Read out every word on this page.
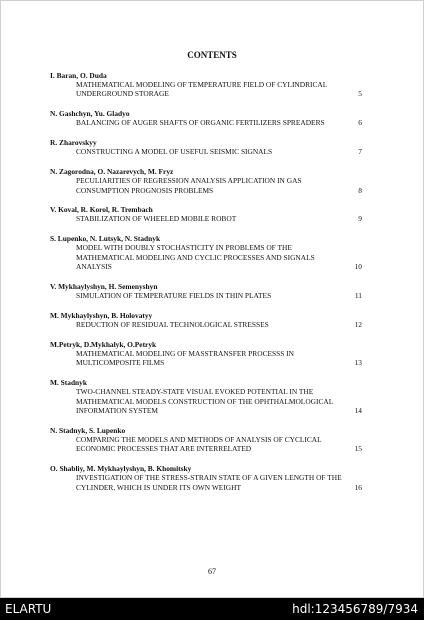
CONTENTS
I. Baran, O. Duda
MATHEMATICAL MODELING OF TEMPERATURE FIELD OF CYLINDRICAL UNDERGROUND STORAGE	5
N. Gashchyn, Yu. Gladyo
BALANCING OF AUGER SHAFTS OF ORGANIC FERTILIZERS SPREADERS	6
R. Zharovskyy
CONSTRUCTING A MODEL OF USEFUL SEISMIC SIGNALS	7
N. Zagorodna, O. Nazarevych, M. Fryz
PECULIARITIES OF REGRESSION ANALYSIS APPLICATION IN GAS CONSUMPTION PROGNOSIS PROBLEMS	8
V. Koval, R. Korol, R. Trembach
STABILIZATION OF WHEELED MOBILE ROBOT	9
S. Lupenko, N. Lutsyk, N. Stadnyk
MODEL WITH DOUBLY STOCHASTICITY IN PROBLEMS OF THE MATHEMATICAL MODELING AND CYCLIC PROCESSES AND SIGNALS ANALYSIS	10
V. Mykhaylyshyn, H. Semenyshyn
SIMULATION OF TEMPERATURE FIELDS IN THIN PLATES	11
M. Mykhaylyshyn, B. Holovatyy
REDUCTION OF RESIDUAL TECHNOLOGICAL STRESSES	12
M.Petryk, D.Mykhalyk, O.Petryk
MATHEMATICAL MODELING OF MASSTRANSFER PROCESSS IN MULTICOMPOSITE FILMS	13
M. Stadnyk
TWO-CHANNEL STEADY-STATE VISUAL EVOKED POTENTIAL IN THE MATHEMATICAL MODELS CONSTRUCTION OF THE OPHTHALMOLOGICAL INFORMATION SYSTEM	14
N. Stadnyk, S. Lupenko
COMPARING THE MODELS AND METHODS OF ANALYSIS OF CYCLICAL ECONOMIC PROCESSES THAT ARE INTERRELATED	15
O. Shabliy, M. Mykhaylyshyn, B. Khomitsky
INVESTIGATION OF THE STRESS-STRAIN STATE OF A GIVEN LENGTH OF THE CYLINDER, WHICH IS UNDER ITS OWN WEIGHT	16
67
ELARTU	hdl:123456789/7934
